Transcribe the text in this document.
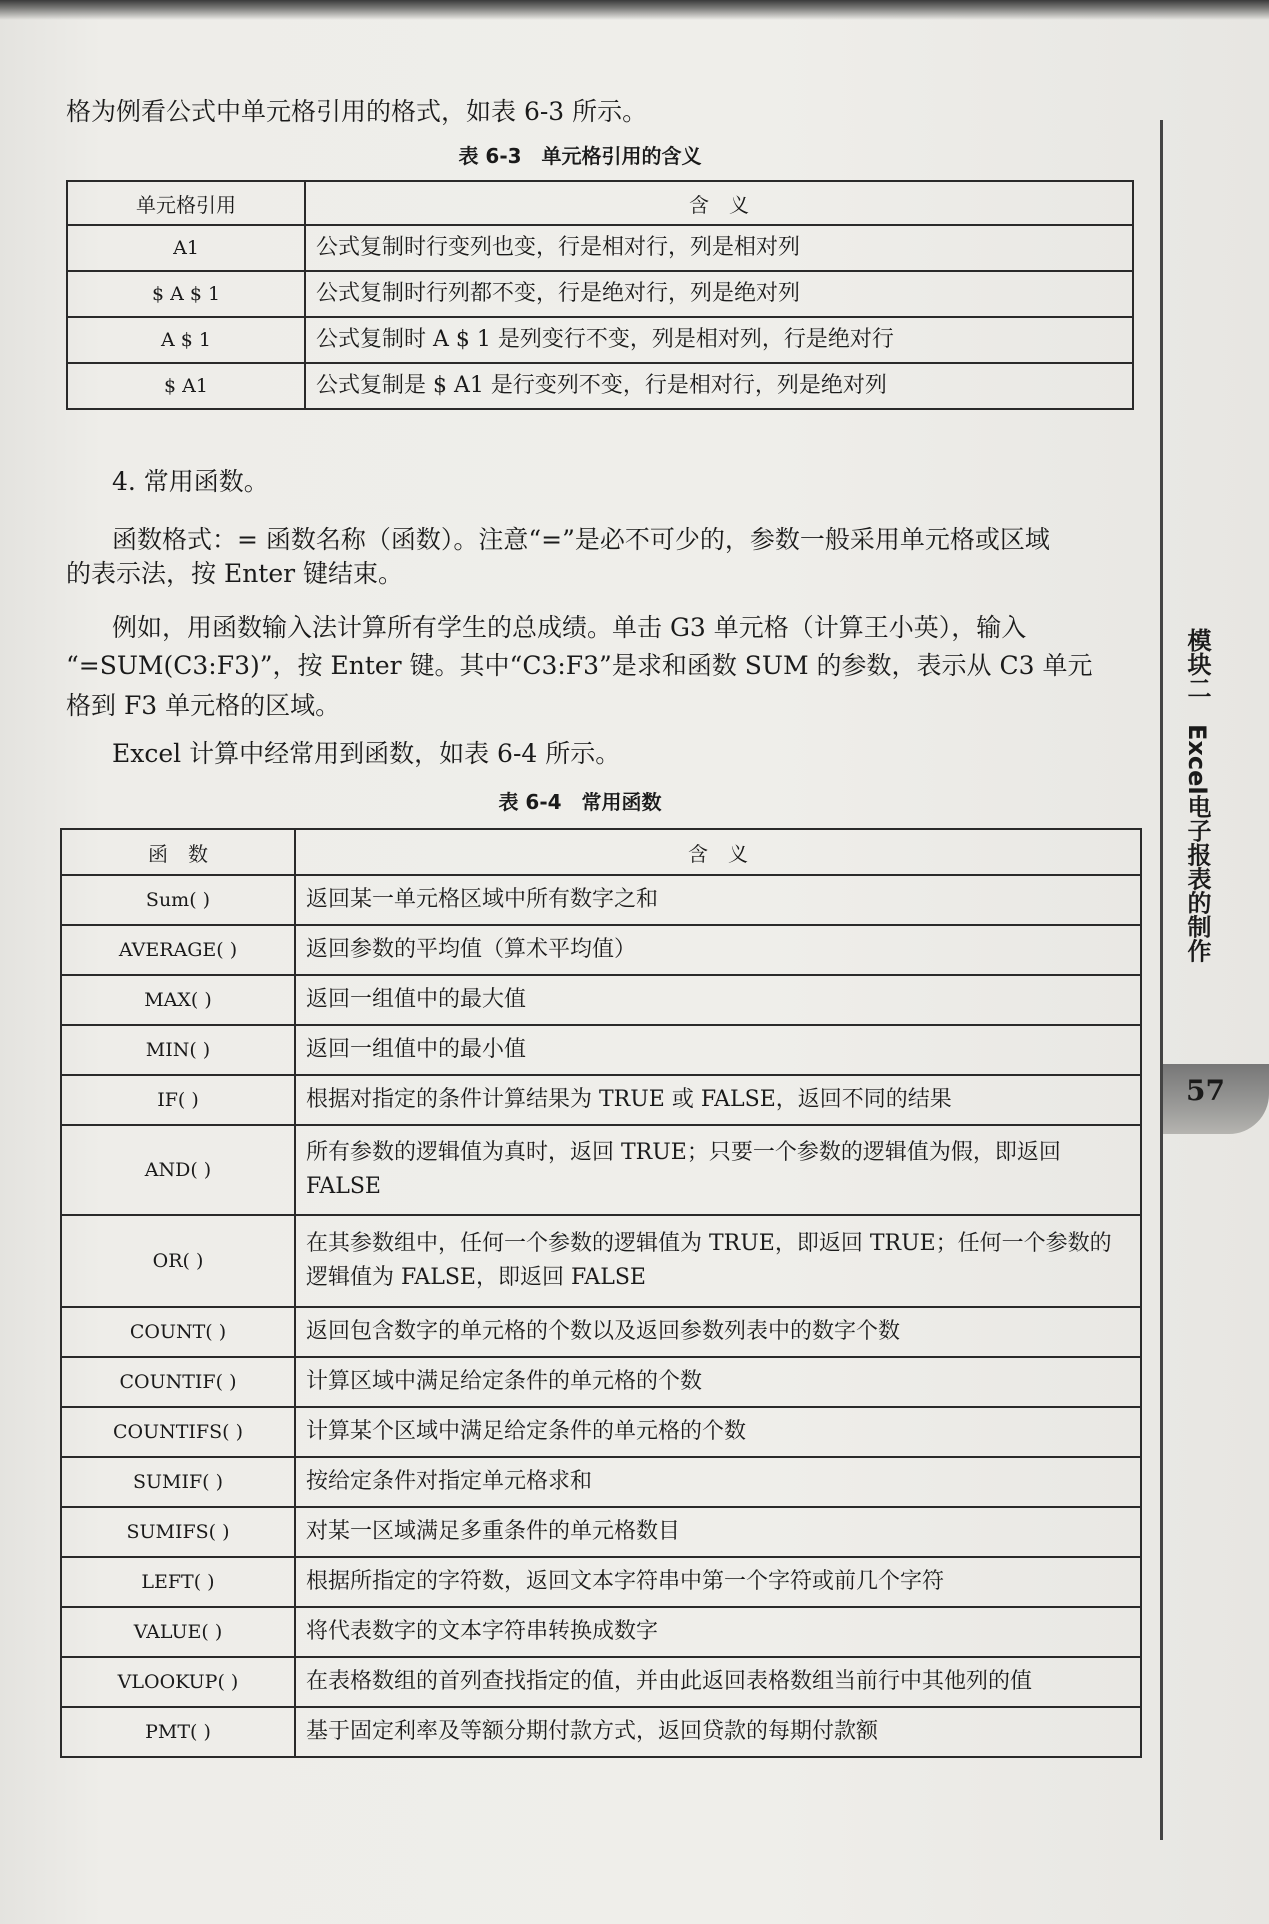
格为例看公式中单元格引用的格式，如表 6-3 所示。
表 6-3　单元格引用的含义
单元格引用	含　义
A1	公式复制时行变列也变，行是相对行，列是相对列
$ A $ 1	公式复制时行列都不变，行是绝对行，列是绝对列
A $ 1	公式复制时 A $ 1 是列变行不变，列是相对列，行是绝对行
$ A1	公式复制是 $ A1 是行变列不变，行是相对行，列是绝对列
4. 常用函数。
函数格式：= 函数名称（函数）。注意“=”是必不可少的，参数一般采用单元格或区域
的表示法，按 Enter 键结束。
例如，用函数输入法计算所有学生的总成绩。单击 G3 单元格（计算王小英），输入
“=SUM(C3:F3)”，按 Enter 键。其中“C3:F3”是求和函数 SUM 的参数，表示从 C3 单元
格到 F3 单元格的区域。
Excel 计算中经常用到函数，如表 6-4 所示。
表 6-4　常用函数
函　数	含　义
Sum( )	返回某一单元格区域中所有数字之和
AVERAGE( )	返回参数的平均值（算术平均值）
MAX( )	返回一组值中的最大值
MIN( )	返回一组值中的最小值
IF( )	根据对指定的条件计算结果为 TRUE 或 FALSE，返回不同的结果
AND( )	所有参数的逻辑值为真时，返回 TRUE；只要一个参数的逻辑值为假，即返回 FALSE
OR( )	在其参数组中，任何一个参数的逻辑值为 TRUE，即返回 TRUE；任何一个参数的逻辑值为 FALSE，即返回 FALSE
COUNT( )	返回包含数字的单元格的个数以及返回参数列表中的数字个数
COUNTIF( )	计算区域中满足给定条件的单元格的个数
COUNTIFS( )	计算某个区域中满足给定条件的单元格的个数
SUMIF( )	按给定条件对指定单元格求和
SUMIFS( )	对某一区域满足多重条件的单元格数目
LEFT( )	根据所指定的字符数，返回文本字符串中第一个字符或前几个字符
VALUE( )	将代表数字的文本字符串转换成数字
VLOOKUP( )	在表格数组的首列查找指定的值，并由此返回表格数组当前行中其他列的值
PMT( )	基于固定利率及等额分期付款方式，返回贷款的每期付款额
模块二　Excel电子报表的制作
57
